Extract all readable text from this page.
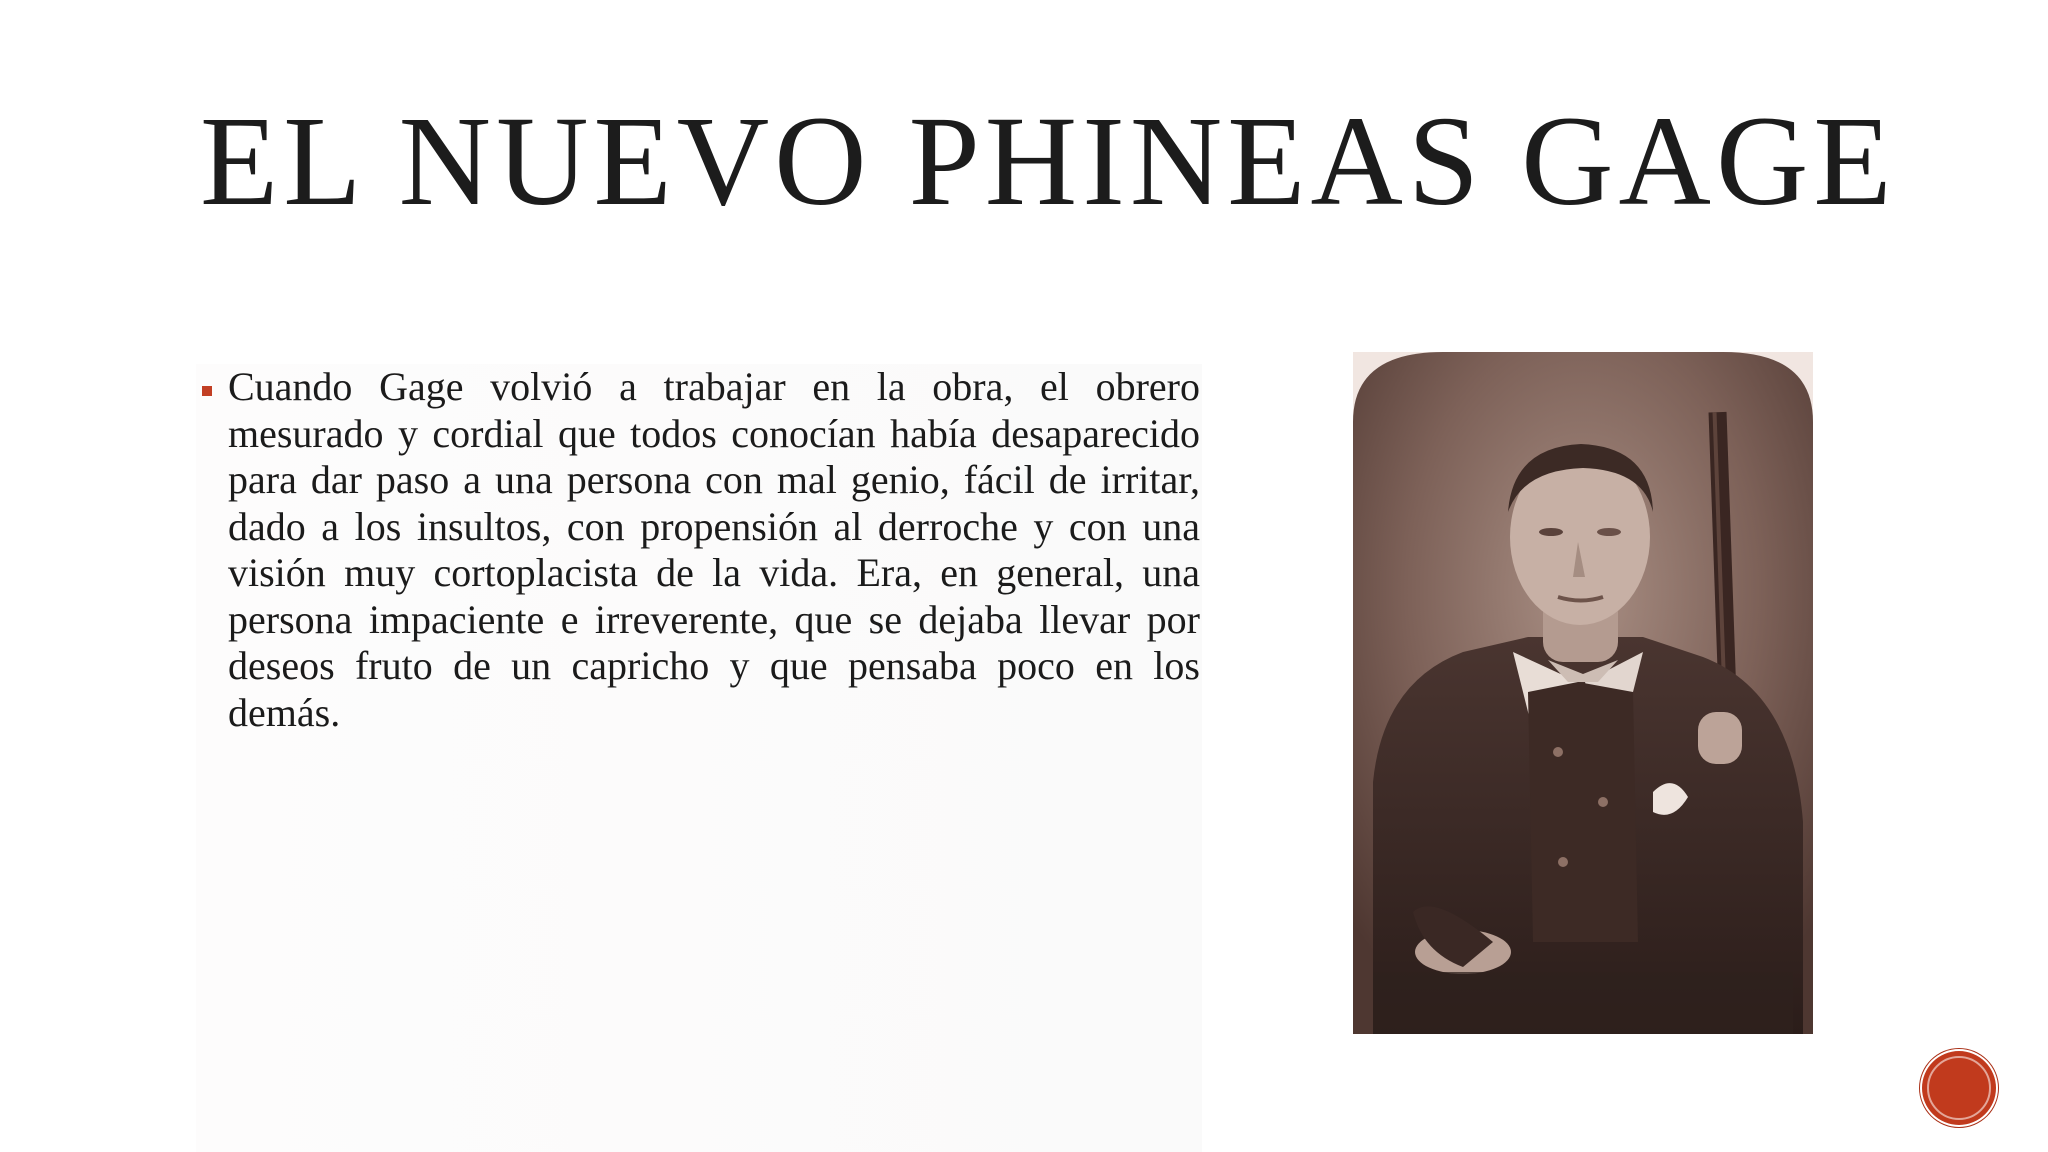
EL NUEVO PHINEAS GAGE

Cuando Gage volvió a trabajar en la obra, el obrero mesurado y cordial que todos conocían había desaparecido para dar paso a una persona con mal genio, fácil de irritar, dado a los insultos, con propensión al derroche y con una visión muy cortoplacista de la vida. Era, en general, una persona impaciente e irreverente, que se dejaba llevar por deseos fruto de un capricho y que pensaba poco en los demás.
